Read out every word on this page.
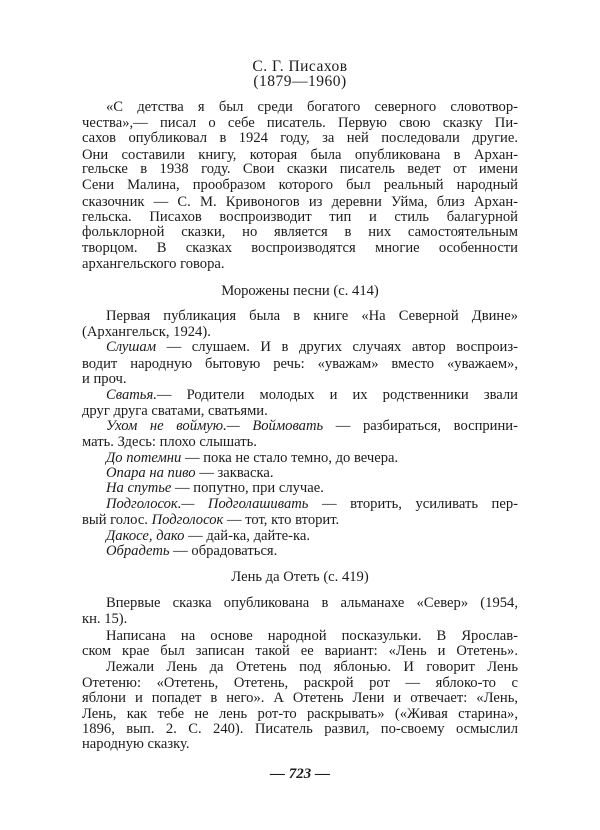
С. Г. Писахов
(1879—1960)
«С детства я был среди богатого северного словотвор-
чества»,— писал о себе писатель. Первую свою сказку Пи-
сахов опубликовал в 1924 году, за ней последовали другие.
Они составили книгу, которая была опубликована в Архан-
гельске в 1938 году. Свои сказки писатель ведет от имени
Сени Малина, прообразом которого был реальный народный
сказочник — С. М. Кривоногов из деревни Уйма, близ Архан-
гельска. Писахов воспроизводит тип и стиль балагурной
фольклорной сказки, но является в них самостоятельным
творцом. В сказках воспроизводятся многие особенности
архангельского говора.
Морожены песни (с. 414)
Первая публикация была в книге «На Северной Двине»
(Архангельск, 1924).
Слушам — слушаем. И в других случаях автор воспроиз-
водит народную бытовую речь: «уважам» вместо «уважаем»,
и проч.
Сватья.— Родители молодых и их родственники звали
друг друга сватами, сватьями.
Ухом не воймую.— Воймовать — разбираться, восприни-
мать. Здесь: плохо слышать.
До потемни — пока не стало темно, до вечера.
Опара на пиво — закваска.
На спутье — попутно, при случае.
Подголосок.— Подголашивать — вторить, усиливать пер-
вый голос. Подголосок — тот, кто вторит.
Дакосе, дако — дай-ка, дайте-ка.
Обрадеть — обрадоваться.
Лень да Отеть (с. 419)
Впервые сказка опубликована в альманахе «Север» (1954,
кн. 15).
Написана на основе народной посказульки. В Ярослав-
ском крае был записан такой ее вариант: «Лень и Отетень».
Лежали Лень да Отетень под яблонью. И говорит Лень
Отетеню: «Отетень, Отетень, раскрой рот — яблоко-то с
яблони и попадет в него». А Отетень Лени и отвечает: «Лень,
Лень, как тебе не лень рот-то раскрывать» («Живая старина»,
1896, вып. 2. С. 240). Писатель развил, по-своему осмыслил
народную сказку.
— 723 —
